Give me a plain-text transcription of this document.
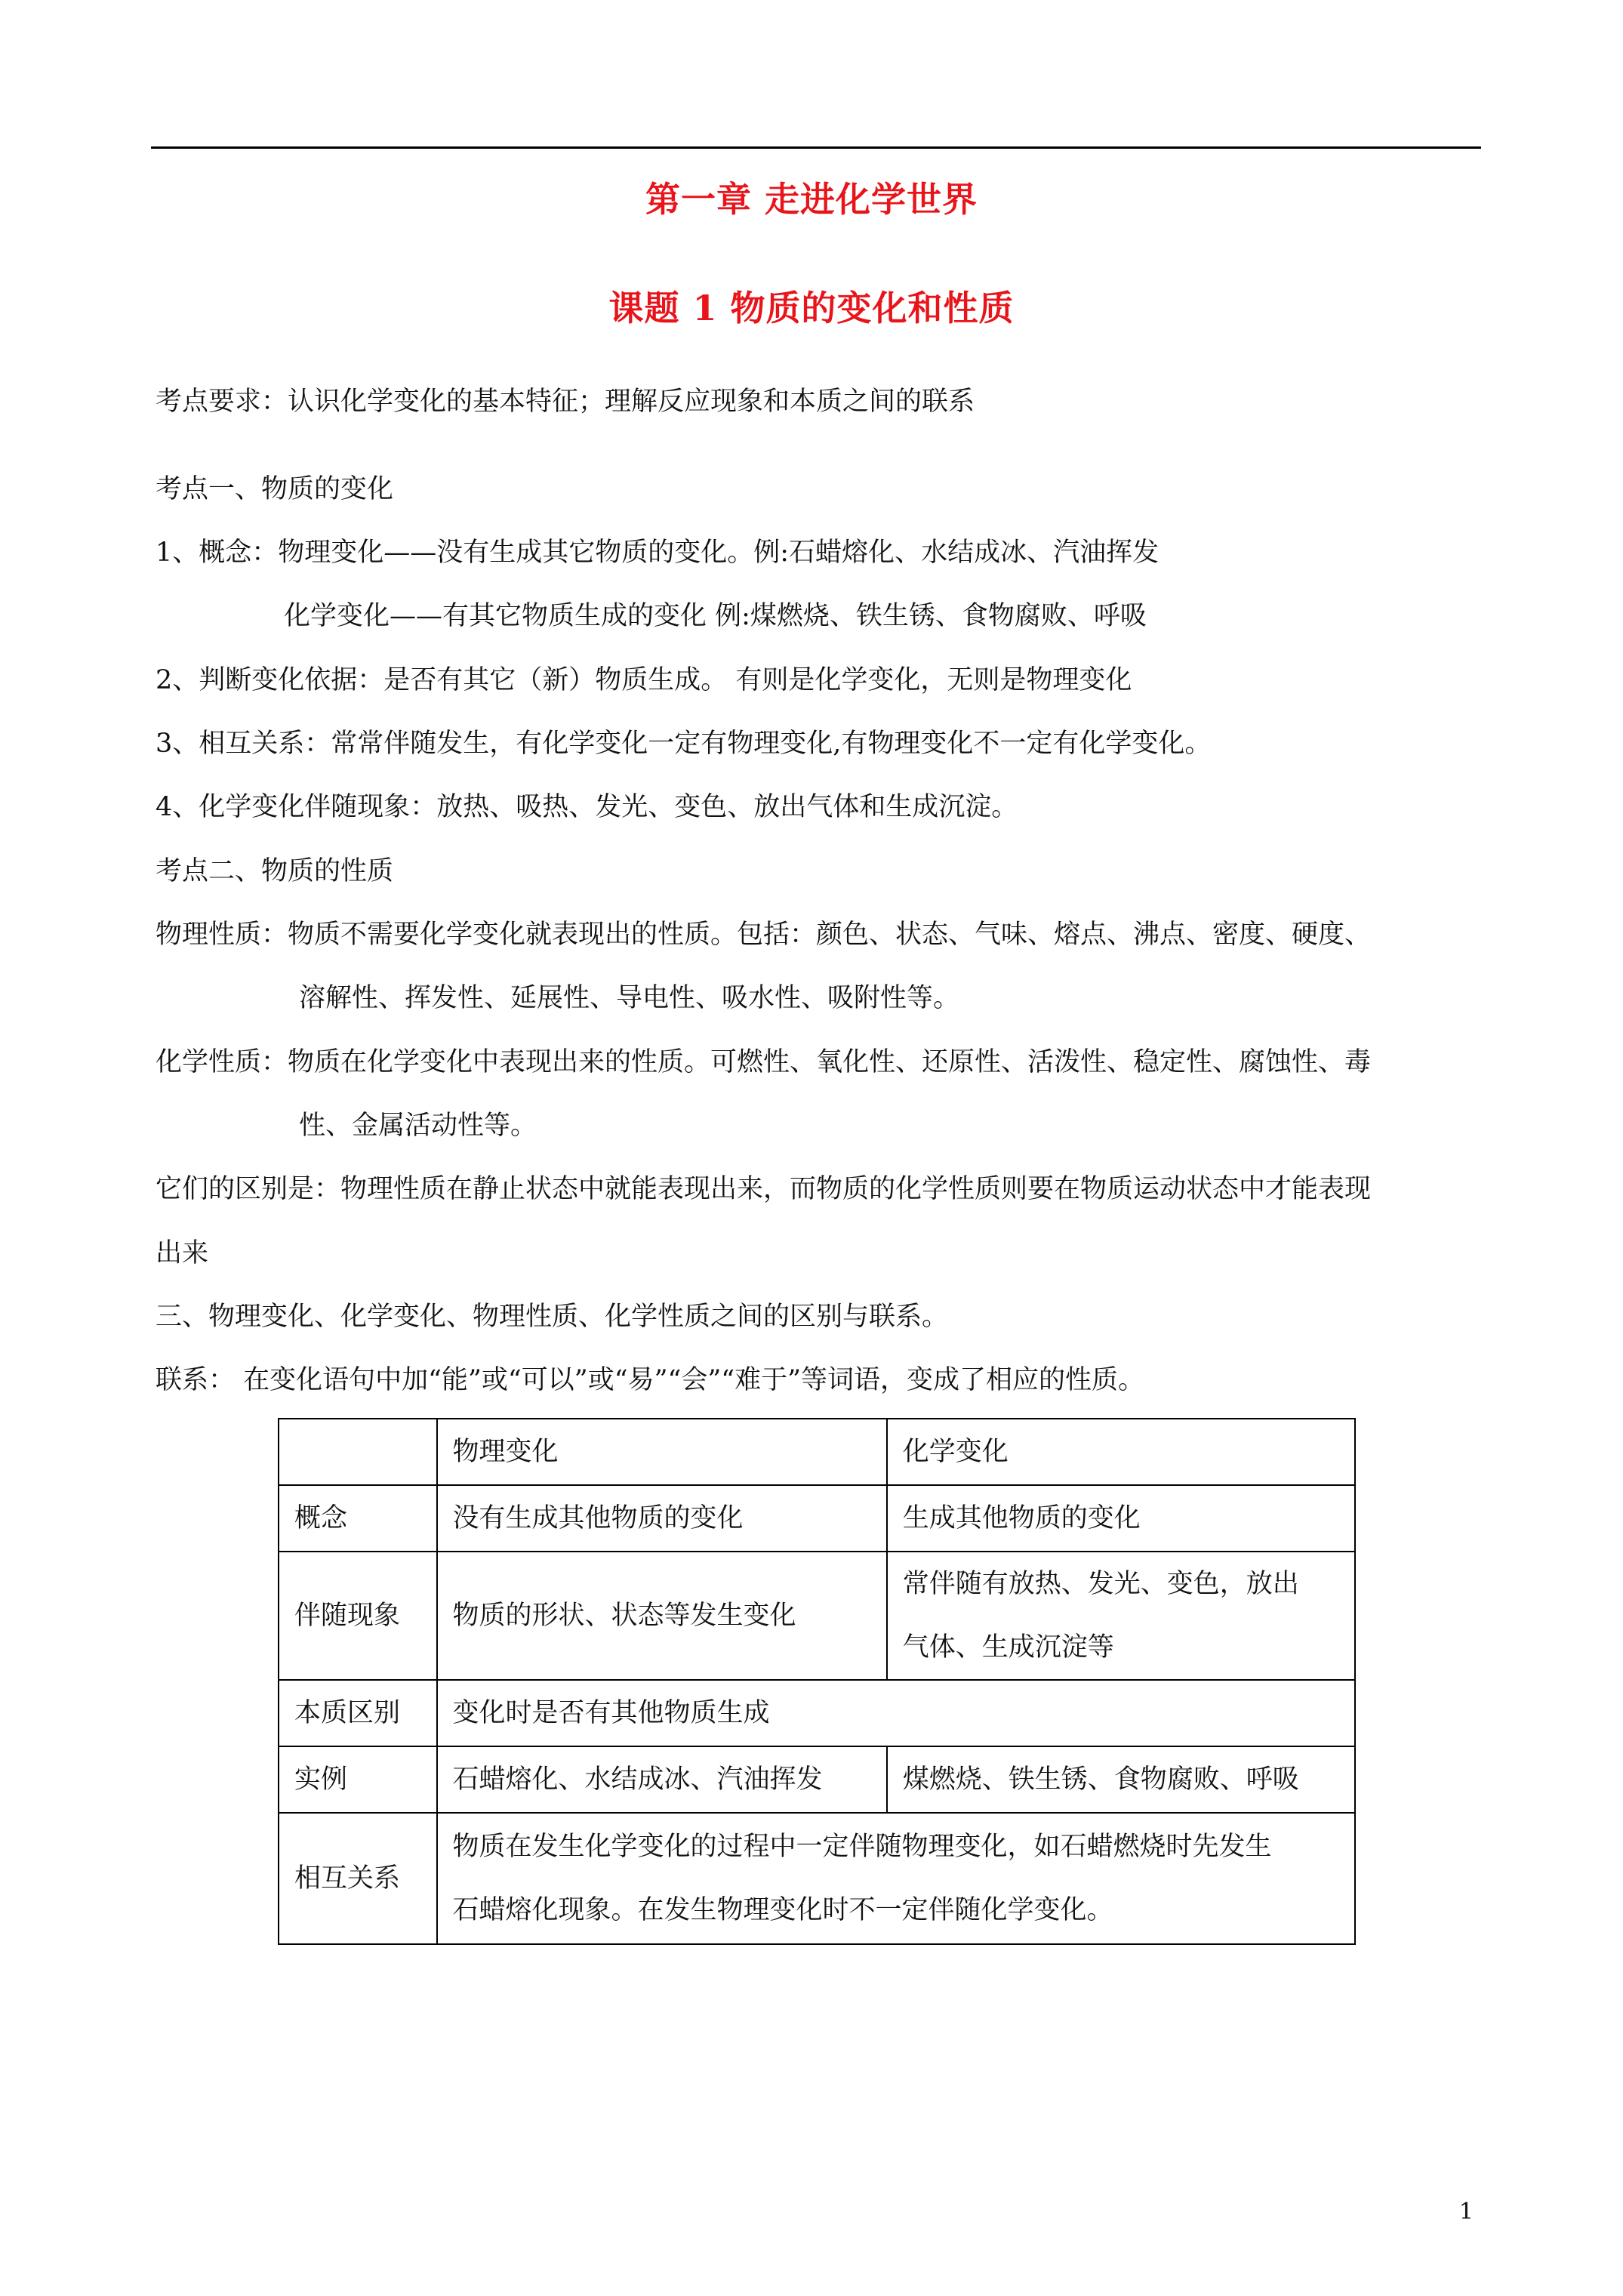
第一章 走进化学世界
课题 1 物质的变化和性质
考点要求：认识化学变化的基本特征；理解反应现象和本质之间的联系
考点一、物质的变化
1、概念：物理变化——没有生成其它物质的变化。例:石蜡熔化、水结成冰、汽油挥发
化学变化——有其它物质生成的变化 例:煤燃烧、铁生锈、食物腐败、呼吸
2、判断变化依据：是否有其它（新）物质生成。 有则是化学变化，无则是物理变化
3、相互关系：常常伴随发生，有化学变化一定有物理变化,有物理变化不一定有化学变化。
4、化学变化伴随现象：放热、吸热、发光、变色、放出气体和生成沉淀。
考点二、物质的性质
物理性质：物质不需要化学变化就表现出的性质。包括：颜色、状态、气味、熔点、沸点、密度、硬度、
溶解性、挥发性、延展性、导电性、吸水性、吸附性等。
化学性质：物质在化学变化中表现出来的性质。可燃性、氧化性、还原性、活泼性、稳定性、腐蚀性、毒
性、金属活动性等。
它们的区别是：物理性质在静止状态中就能表现出来，而物质的化学性质则要在物质运动状态中才能表现
出来
三、物理变化、化学变化、物理性质、化学性质之间的区别与联系。
联系： 在变化语句中加“能”或“可以”或“易”“会”“难于”等词语，变成了相应的性质。
	物理变化	化学变化
概念	没有生成其他物质的变化	生成其他物质的变化
伴随现象	物质的形状、状态等发生变化	常伴随有放热、发光、变色，放出
气体、生成沉淀等

本质区别	变化时是否有其他物质生成	
实例	石蜡熔化、水结成冰、汽油挥发	煤燃烧、铁生锈、食物腐败、呼吸
相互关系	物质在发生化学变化的过程中一定伴随物理变化，如石蜡燃烧时先发生
石蜡熔化现象。在发生物理变化时不一定伴随化学变化。	
1
